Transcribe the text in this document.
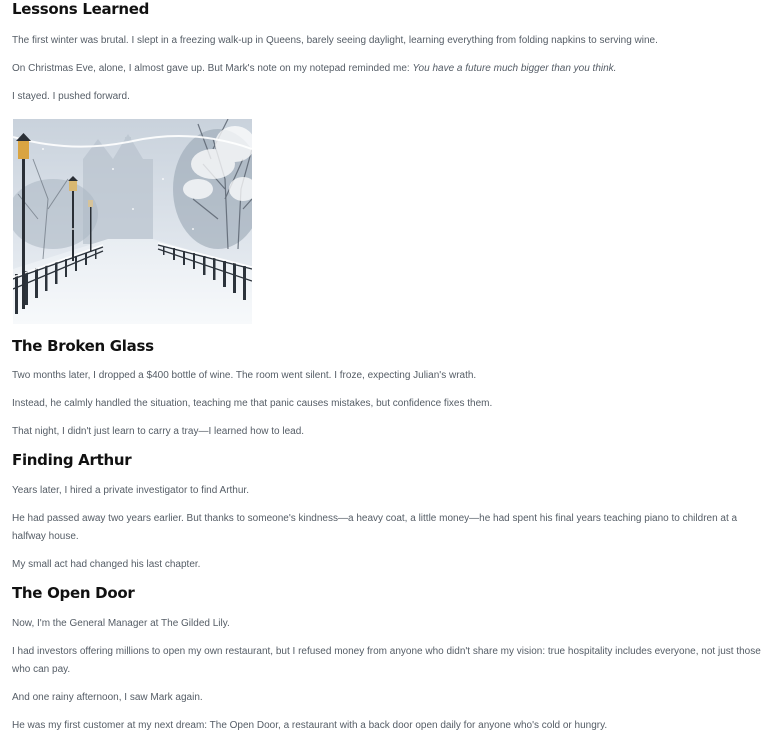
Lessons Learned

The first winter was brutal. I slept in a freezing walk-up in Queens, barely seeing daylight, learning everything from folding napkins to serving wine.

On Christmas Eve, alone, I almost gave up. But Mark's note on my notepad reminded me: You have a future much bigger than you think.

I stayed. I pushed forward.

The Broken Glass

Two months later, I dropped a $400 bottle of wine. The room went silent. I froze, expecting Julian's wrath.

Instead, he calmly handled the situation, teaching me that panic causes mistakes, but confidence fixes them.

That night, I didn't just learn to carry a tray—I learned how to lead.

Finding Arthur

Years later, I hired a private investigator to find Arthur.

He had passed away two years earlier. But thanks to someone's kindness—a heavy coat, a little money—he had spent his final years teaching piano to children at a halfway house.

My small act had changed his last chapter.

The Open Door

Now, I'm the General Manager at The Gilded Lily.

I had investors offering millions to open my own restaurant, but I refused money from anyone who didn't share my vision: true hospitality includes everyone, not just those who can pay.

And one rainy afternoon, I saw Mark again.

He was my first customer at my next dream: The Open Door, a restaurant with a back door open daily for anyone who's cold or hungry.
